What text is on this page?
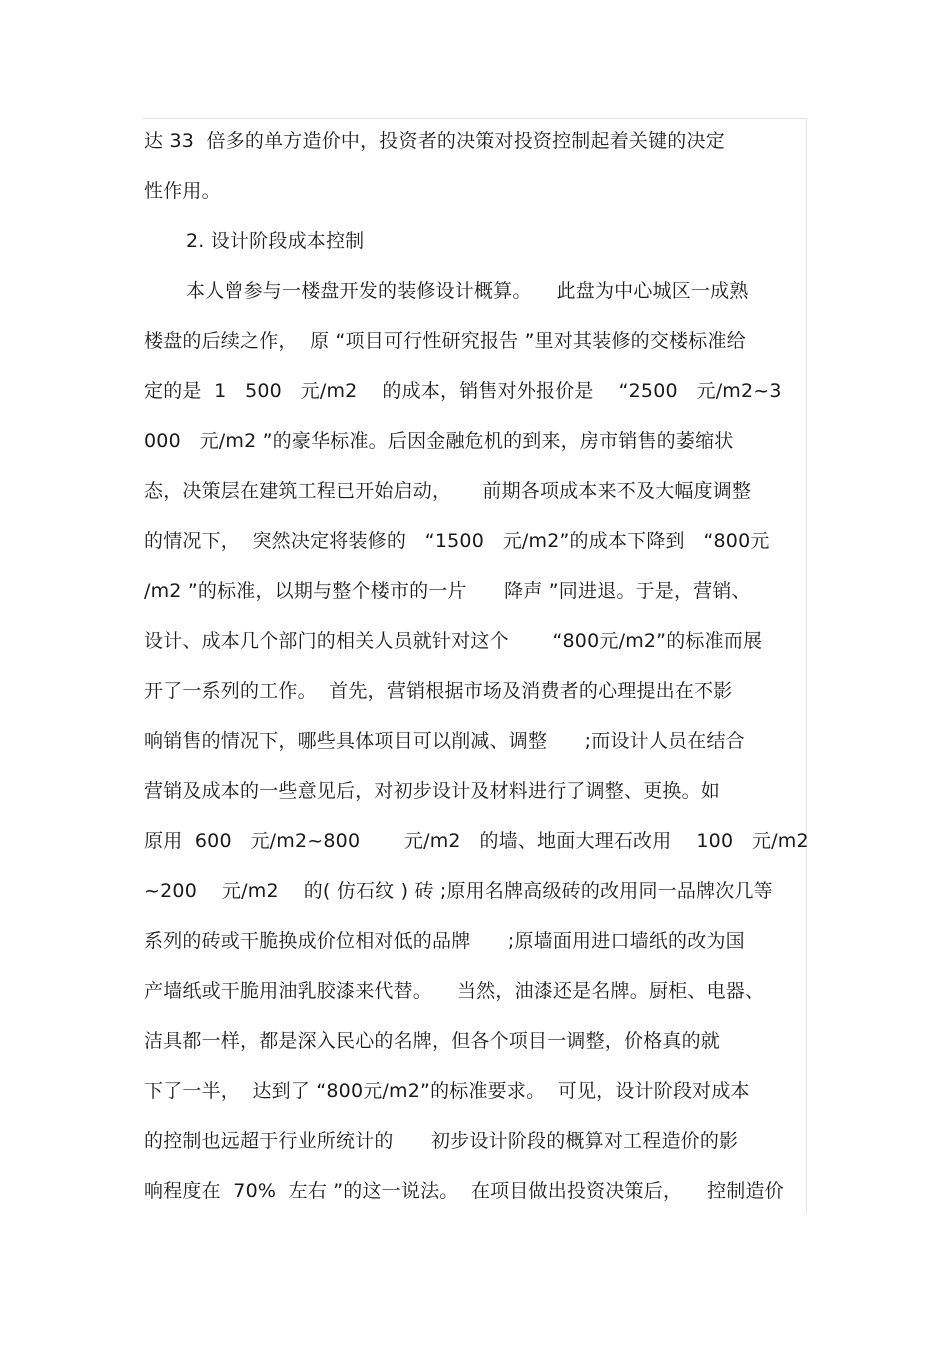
达 33  倍多的单方造价中，投资者的决策对投资控制起着关键的决定
性作用。
2. 设计阶段成本控制
本人曾参与一楼盘开发的装修设计概算。    此盘为中心城区一成熟
楼盘的后续之作，  原 “项目可行性研究报告 ”里对其装修的交楼标准给
定的是  1   500   元/m2    的成本，销售对外报价是    “2500   元/m2~3
000   元/m2 ”的豪华标准。后因金融危机的到来，房市销售的萎缩状
态，决策层在建筑工程已开始启动，     前期各项成本来不及大幅度调整
的情况下，  突然决定将装修的   “1500   元/m2”的成本下降到   “800元
/m2 ”的标准，以期与整个楼市的一片      降声 ”同进退。于是，营销、
设计、成本几个部门的相关人员就针对这个       “800元/m2”的标准而展
开了一系列的工作。  首先，营销根据市场及消费者的心理提出在不影
响销售的情况下，哪些具体项目可以削减、调整      ;而设计人员在结合
营销及成本的一些意见后，对初步设计及材料进行了调整、更换。如
原用  600   元/m2~800       元/m2   的墙、地面大理石改用    100   元/m2
~200    元/m2    的( 仿石纹 ) 砖 ;原用名牌高级砖的改用同一品牌次几等
系列的砖或干脆换成价位相对低的品牌      ;原墙面用进口墙纸的改为国
产墙纸或干脆用油乳胶漆来代替。    当然，油漆还是名牌。厨柜、电器、
洁具都一样，都是深入民心的名牌，但各个项目一调整，价格真的就
下了一半，  达到了 “800元/m2”的标准要求。  可见，设计阶段对成本
的控制也远超于行业所统计的      初步设计阶段的概算对工程造价的影
响程度在  70%  左右 ”的这一说法。  在项目做出投资决策后，    控制造价
